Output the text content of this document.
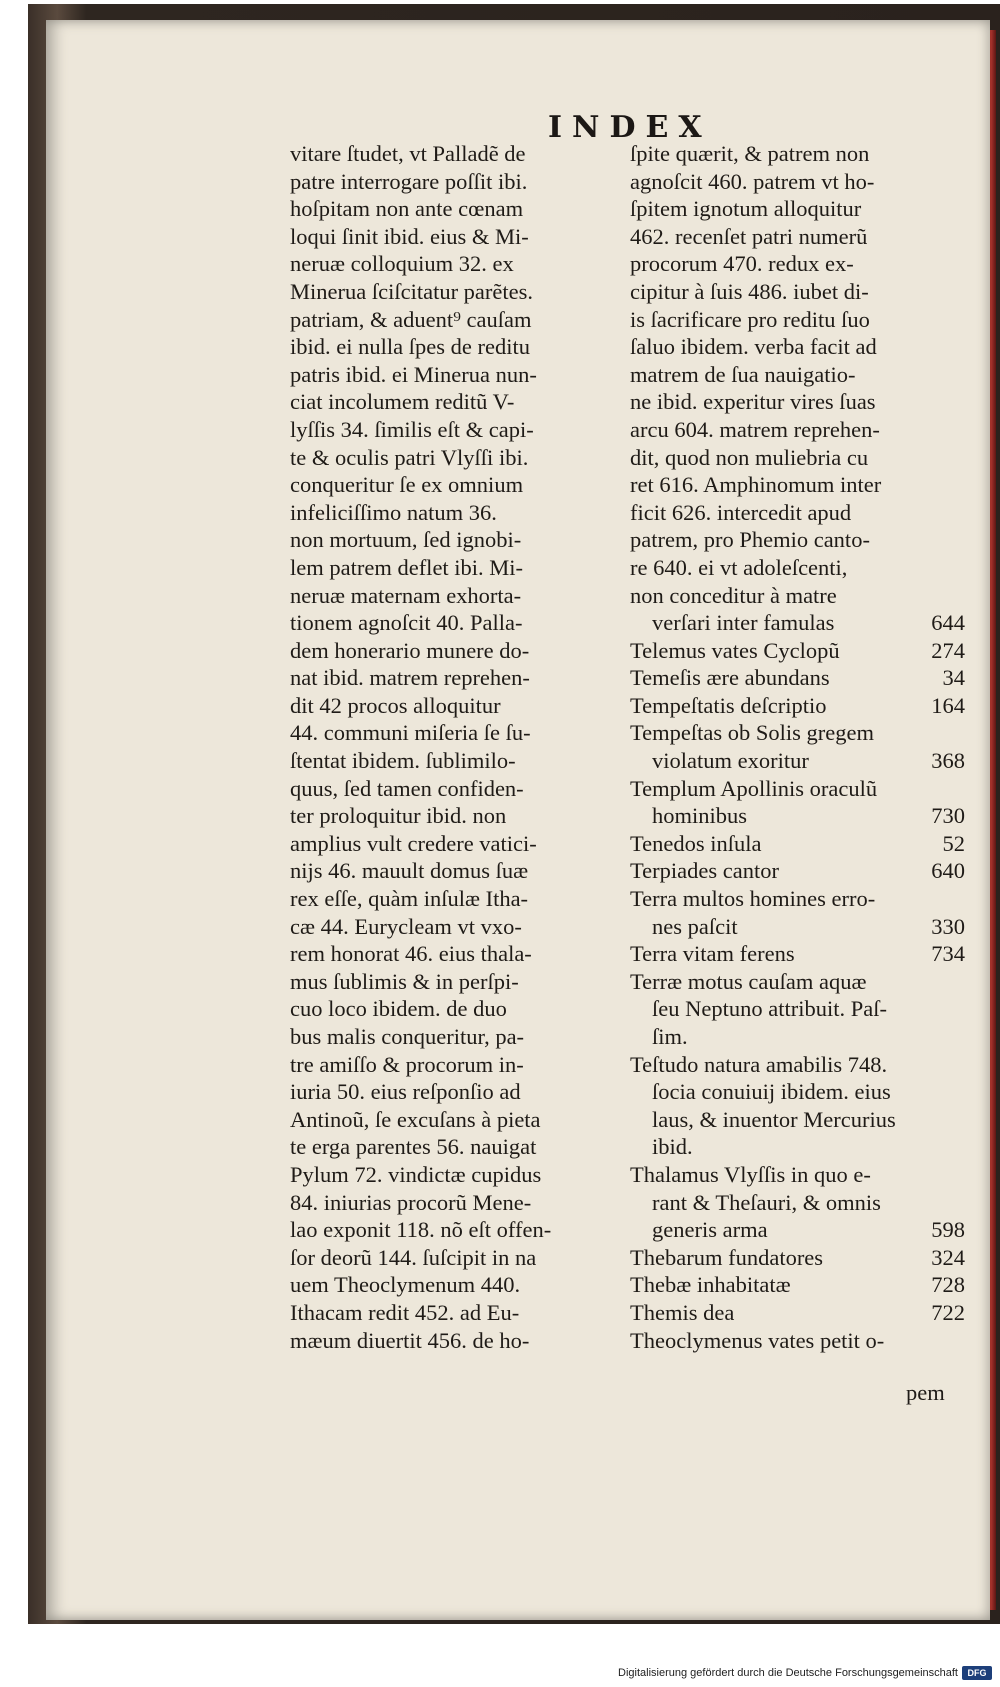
INDEX
vitare ſtudet, vt Palladẽ de
patre interrogare poſſit ibi.
hoſpitam non ante cœnam
loqui ſinit ibid. eius & Mi-
neruæ colloquium 32. ex
Minerua ſciſcitatur parẽtes.
patriam, & aduent⁹ cauſam
ibid. ei nulla ſpes de reditu
patris ibid. ei Minerua nun-
ciat incolumem reditũ V-
lyſſis 34. ſimilis eſt & capi-
te & oculis patri Vlyſſi ibi.
conqueritur ſe ex omnium
infeliciſſimo natum 36.
non mortuum, ſed ignobi-
lem patrem deflet ibi. Mi-
neruæ maternam exhorta-
tionem agnoſcit 40. Palla-
dem honerario munere do-
nat ibid. matrem reprehen-
dit 42 procos alloquitur
44. communi miſeria ſe ſu-
ſtentat ibidem. ſublimilo-
quus, ſed tamen confiden-
ter proloquitur ibid. non
amplius vult credere vatici-
nijs 46. mauult domus ſuæ
rex eſſe, quàm inſulæ Itha-
cæ 44. Euryclеam vt vxo-
rem honorat 46. eius thala-
mus ſublimis & in perſpi-
cuo loco ibidem. de duo
bus malis conqueritur, pa-
tre amiſſo & procorum in-
iuria 50. eius reſponſio ad
Antinoũ, ſe excuſans à pieta
te erga parentes 56. nauigat
Pylum 72. vindictæ cupidus
84. iniurias procorũ Mene-
lao exponit 118. nõ eſt offen-
ſor deorũ 144. ſuſcipit in na
uem Theoclymenum 440.
Ithacam redit 452. ad Eu-
mæum diuertit 456. de ho-
ſpite quærit, & patrem non
agnoſcit 460. patrem vt ho-
ſpitem ignotum alloquitur
462. recenſet patri numerũ
procorum 470. redux ex-
cipitur à ſuis 486. iubet di-
is ſacrificare pro reditu ſuo
ſaluo ibidem. verba facit ad
matrem de ſua nauigatio-
ne ibid. experitur vires ſuas
arcu 604. matrem reprehen-
dit, quod non muliebria cu
ret 616. Amphinomum inter
ficit 626. intercedit apud
patrem, pro Phemio canto-
re 640. ei vt adoleſcenti,
non conceditur à matre
verſari inter famulas	644
Telemus vates Cyclopũ	274
Temeſis ære abundans	34
Tempeſtatis deſcriptio	164
Tempeſtas ob Solis gregem
violatum exoritur	368
Templum Apollinis oraculũ
hominibus	730
Tenedos inſula	52
Terpiades cantor	640
Terra multos homines erro-
nes paſcit	330
Terra vitam ferens	734
Terræ motus cauſam aquæ
ſeu Neptuno attribuit. Paſ-
ſim.
Teſtudo natura amabilis 748.
ſocia conuiuij ibidem. eius
laus, & inuentor Mercurius
ibid.
Thalamus Vlyſſis in quo e-
rant & Theſauri, & omnis
generis arma	598
Thebarum fundatores	324
Thebæ inhabitatæ	728
Themis dea	722
Theoclymenus vates petit o-
pem
Digitalisierung gefördert durch die Deutsche Forschungsgemeinschaft	DFG
